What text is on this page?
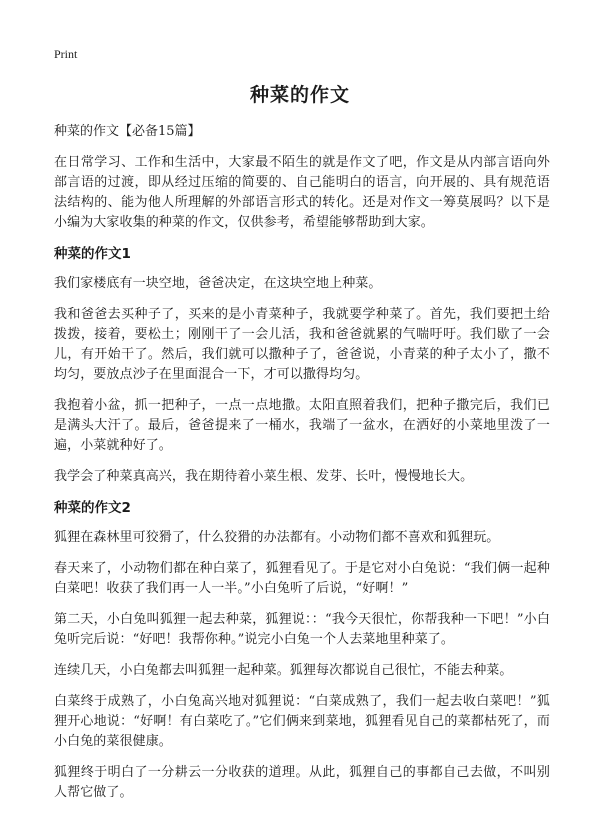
Print
种菜的作文

种菜的作文【必备15篇】

在日常学习、工作和生活中，大家最不陌生的就是作文了吧，作文是从内部言语向外部言语的过渡，即从经过压缩的简要的、自己能明白的语言，向开展的、具有规范语法结构的、能为他人所理解的外部语言形式的转化。还是对作文一筹莫展吗？以下是小编为大家收集的种菜的作文，仅供参考，希望能够帮助到大家。

种菜的作文1

我们家楼底有一块空地，爸爸决定，在这块空地上种菜。

我和爸爸去买种子了，买来的是小青菜种子，我就要学种菜了。首先，我们要把土给拨拨，接着，要松土；刚刚干了一会儿活，我和爸爸就累的气喘吁吁。我们歇了一会儿，有开始干了。然后，我们就可以撒种子了，爸爸说，小青菜的种子太小了，撒不均匀，要放点沙子在里面混合一下，才可以撒得均匀。

我抱着小盆，抓一把种子，一点一点地撒。太阳直照着我们，把种子撒完后，我们已是满头大汗了。最后，爸爸提来了一桶水，我端了一盆水，在洒好的小菜地里泼了一遍，小菜就种好了。

我学会了种菜真高兴，我在期待着小菜生根、发芽、长叶，慢慢地长大。

种菜的作文2

狐狸在森林里可狡猾了，什么狡猾的办法都有。小动物们都不喜欢和狐狸玩。

春天来了，小动物们都在种白菜了，狐狸看见了。于是它对小白兔说：“我们俩一起种白菜吧！收获了我们再一人一半。”小白兔听了后说，“好啊！”

第二天，小白兔叫狐狸一起去种菜，狐狸说：：“我今天很忙，你帮我种一下吧！”小白兔听完后说：“好吧！我帮你种。”说完小白兔一个人去菜地里种菜了。

连续几天，小白兔都去叫狐狸一起种菜。狐狸每次都说自己很忙，不能去种菜。

白菜终于成熟了，小白兔高兴地对狐狸说：“白菜成熟了，我们一起去收白菜吧！”狐狸开心地说：“好啊！有白菜吃了。”它们俩来到菜地，狐狸看见自己的菜都枯死了，而小白兔的菜很健康。

狐狸终于明白了一分耕云一分收获的道理。从此，狐狸自己的事都自己去做，不叫别人帮它做了。
